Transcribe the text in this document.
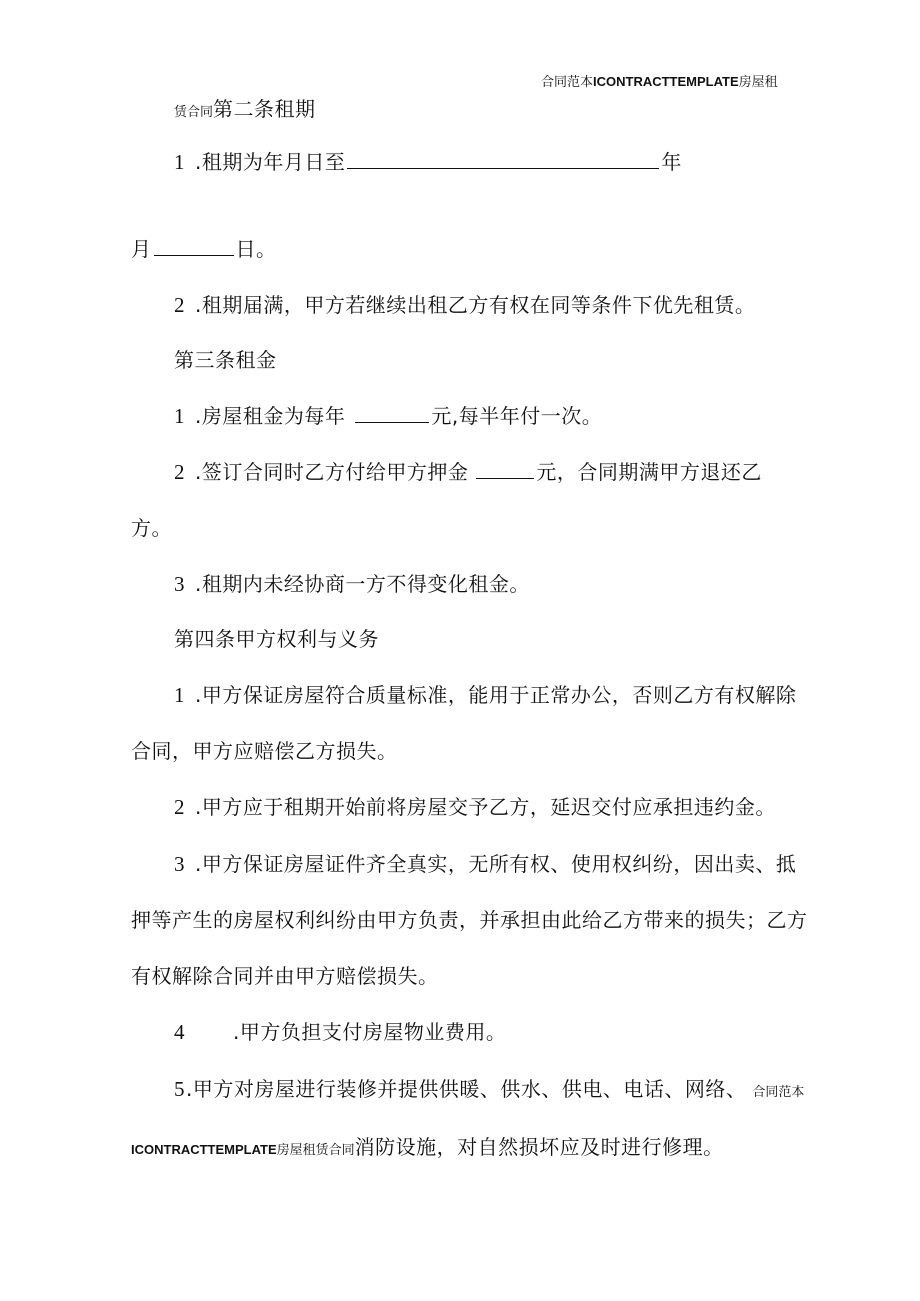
合同范本ICONTRACTTEMPLATE房屋租
赁合同第二条租期
1 .租期为年月日至	年
月	日。
2 .租期届满，甲方若继续出租乙方有权在同等条件下优先租赁。
第三条租金
1 .房屋租金为每年	元,每半年付一次。
2 .签订合同时乙方付给甲方押金	元，合同期满甲方退还乙
方。
3 .租期内未经协商一方不得变化租金。
第四条甲方权利与义务
1 .甲方保证房屋符合质量标准，能用于正常办公，否则乙方有权解除
合同，甲方应赔偿乙方损失。
2 .甲方应于租期开始前将房屋交予乙方，延迟交付应承担违约金。
3 .甲方保证房屋证件齐全真实，无所有权、使用权纠纷，因出卖、抵
押等产生的房屋权利纠纷由甲方负责，并承担由此给乙方带来的损失；乙方
有权解除合同并由甲方赔偿损失。
4 .甲方负担支付房屋物业费用。
5.甲方对房屋进行装修并提供供暖、供水、供电、电话、网络、 合同范本
ICONTRACTTEMPLATE房屋租赁合同消防设施，对自然损坏应及时进行修理。
